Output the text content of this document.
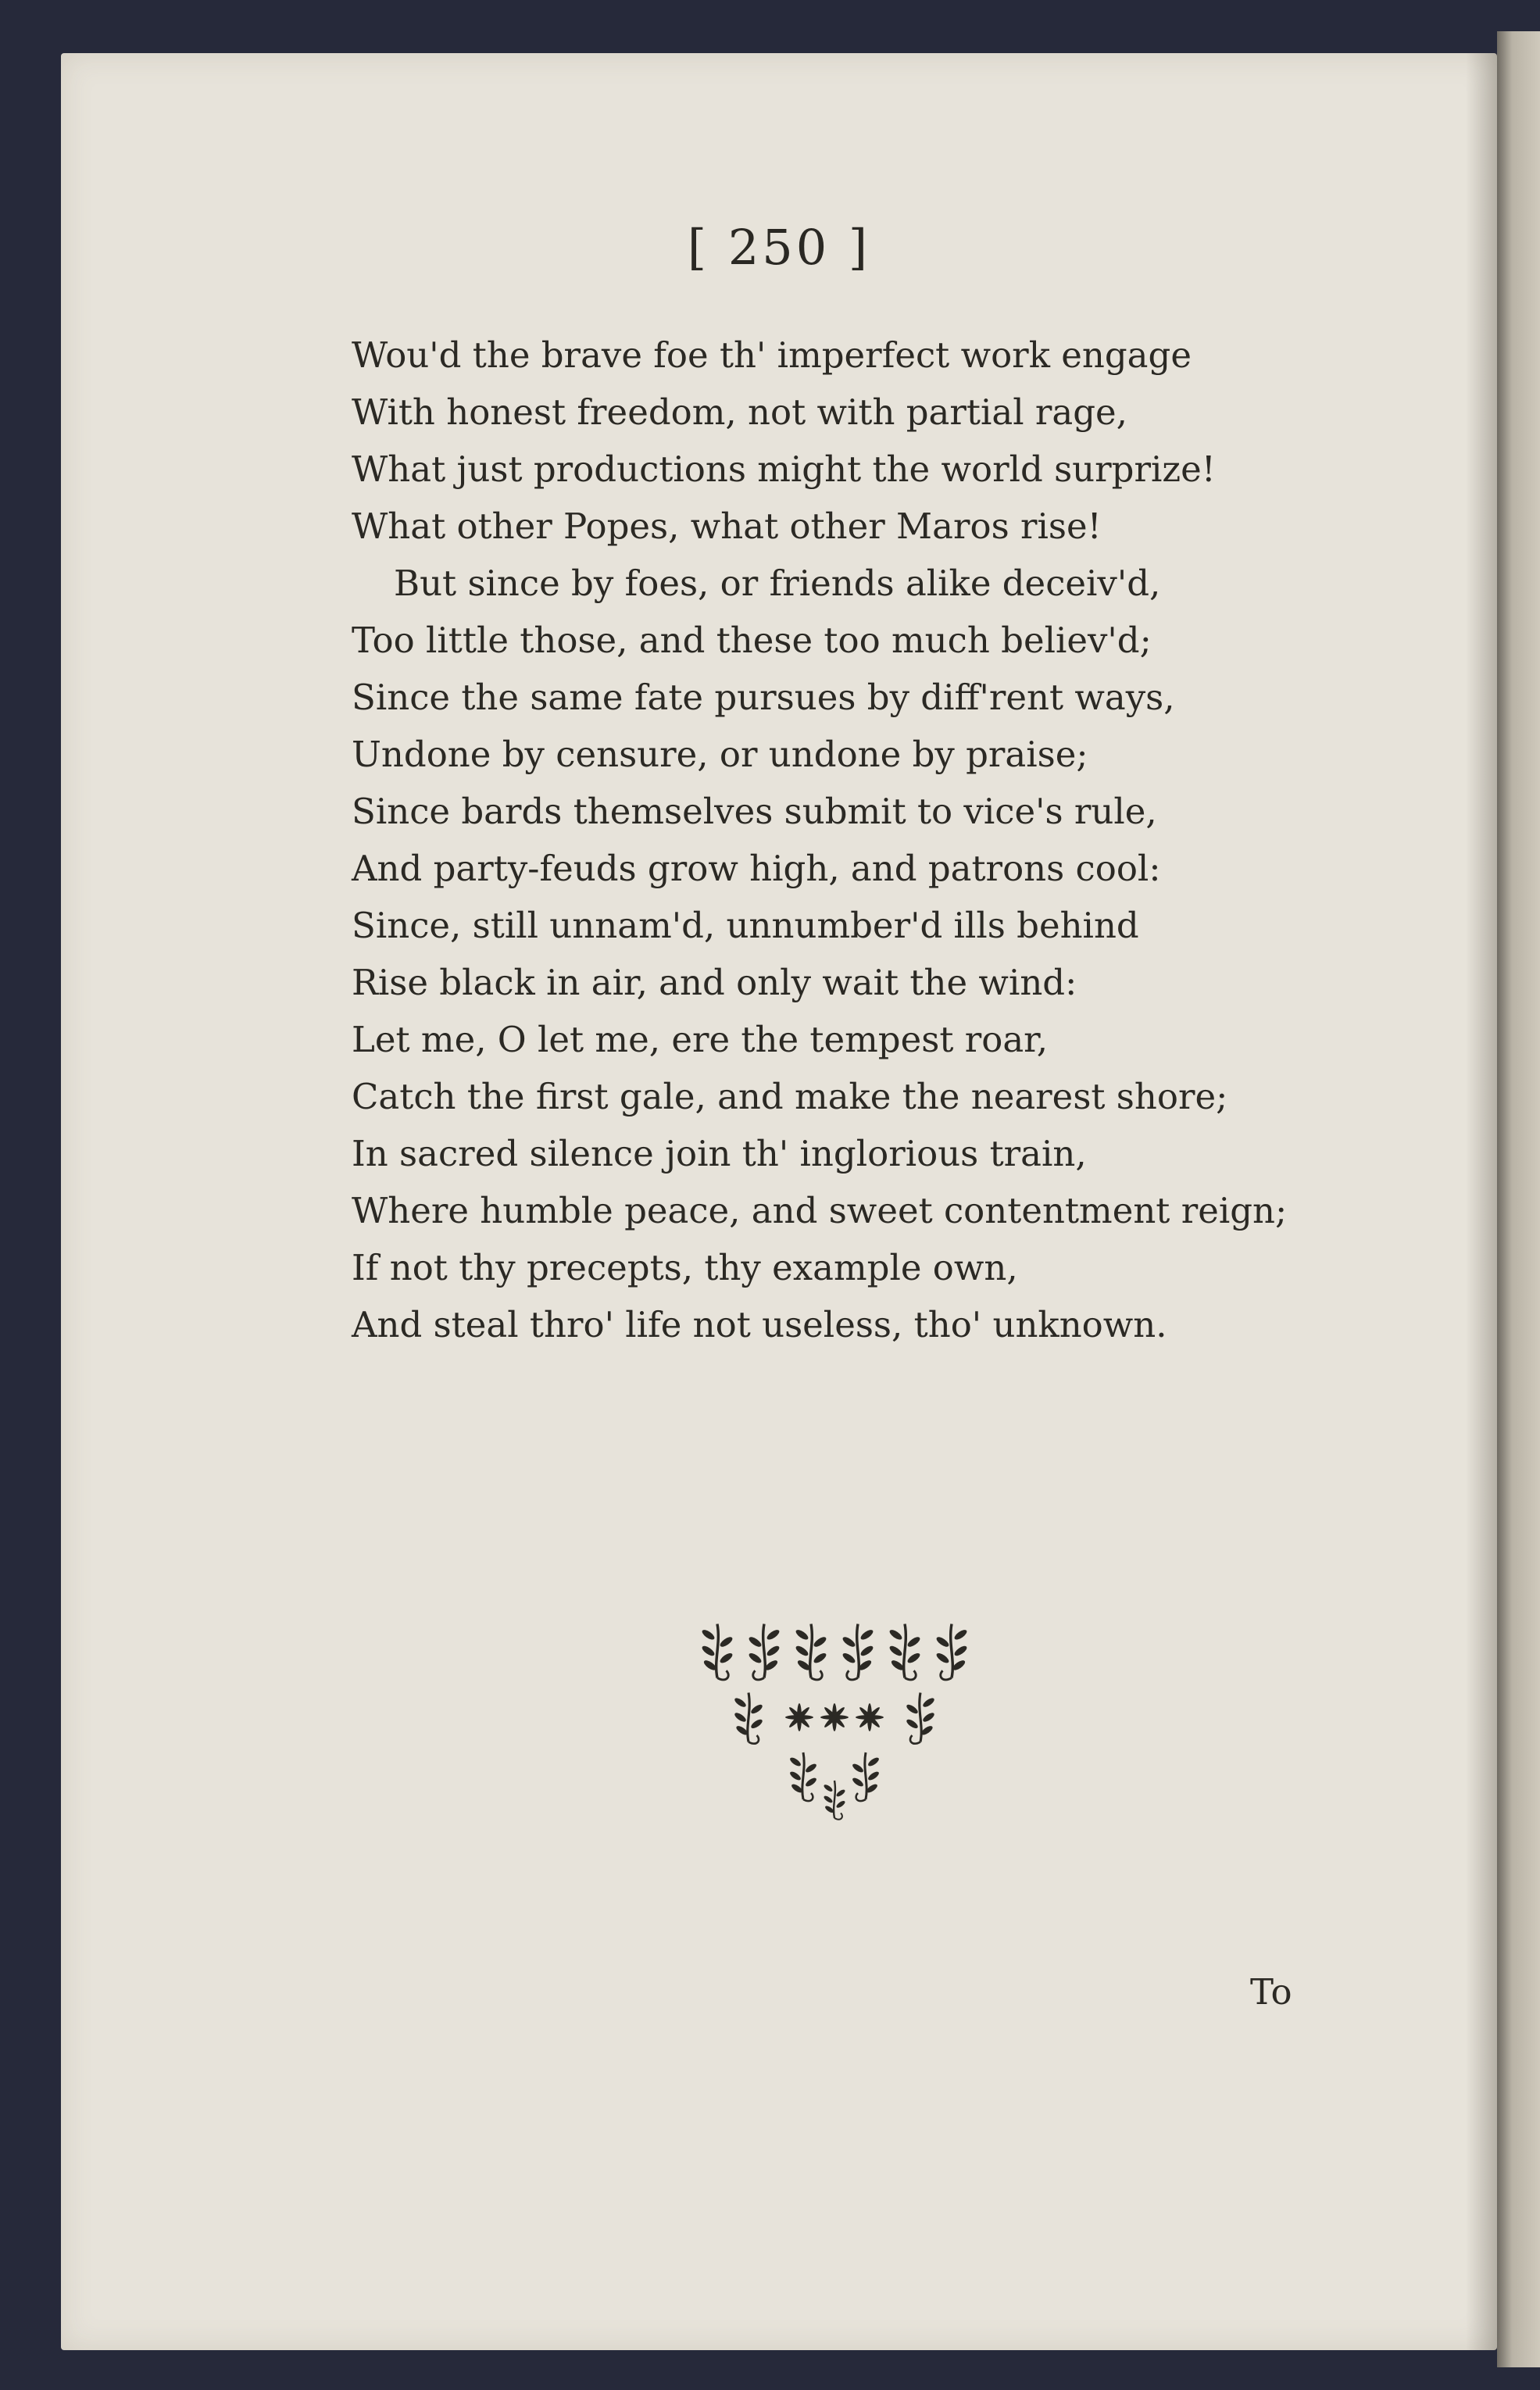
[ 250 ]
Wou'd the brave foe th' imperfect work engage
With honest freedom, not with partial rage,
What just productions might the world surprize!
What other Popes, what other Maros rise!
But since by foes, or friends alike deceiv'd,
Too little those, and these too much believ'd;
Since the same fate pursues by diff'rent ways,
Undone by censure, or undone by praise;
Since bards themselves submit to vice's rule,
And party-feuds grow high, and patrons cool:
Since, still unnam'd, unnumber'd ills behind
Rise black in air, and only wait the wind:
Let me, O let me, ere the tempest roar,
Catch the first gale, and make the nearest shore;
In sacred silence join th' inglorious train,
Where humble peace, and sweet contentment reign;
If not thy precepts, thy example own,
And steal thro' life not useless, tho' unknown.
To
